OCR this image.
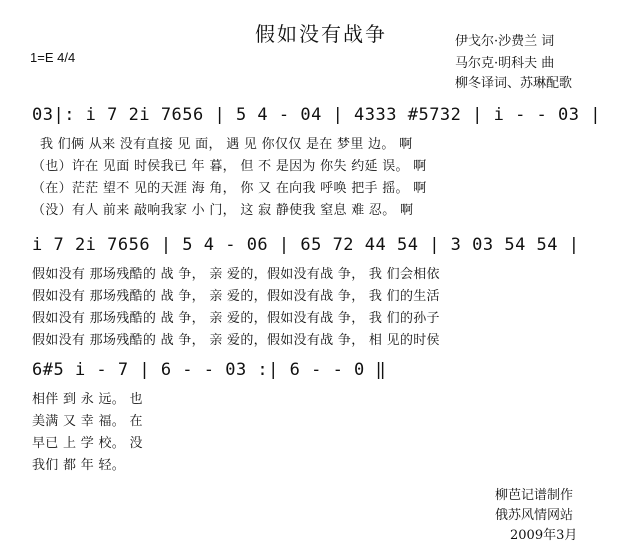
假如没有战争
1=E 4/4
伊戈尔·沙费兰 词
马尔克·明科夫 曲
柳冬译词、苏琳配歌
03|: i 7 2i 7656 | 5 4 - 04 | 4333 #5732 | i - - 03 |
我 们俩 从来 没有直接 见 面， 遇 见 你仅仅 是在 梦里 边。 啊
（也）许在 见面 时侯我已 年 暮， 但 不 是因为 你失 约延 误。 啊
（在）茫茫 望不 见的天涯 海 角， 你 又 在向我 呼唤 把手 摇。 啊
（没）有人 前来 敲响我家 小 门， 这 寂 静使我 窒息 难 忍。 啊
i 7 2i 7656 | 5 4 - 06 | 65 72 44 54 | 3 03 54 54 |
假如没有 那场残酷的 战 争， 亲 爱的，假如没有战 争， 我 们会相依
假如没有 那场残酷的 战 争， 亲 爱的，假如没有战 争， 我 们的生活
假如没有 那场残酷的 战 争， 亲 爱的，假如没有战 争， 我 们的孙子
假如没有 那场残酷的 战 争， 亲 爱的，假如没有战 争， 相 见的时侯
6#5 i - 7 | 6 - - 03 :| 6 - - 0 ‖
相伴 到 永 远。 也
美满 又 幸 福。 在
早已 上 学 校。 没
我们 都 年 轻。
柳芭记谱制作
俄苏风情网站
2009年3月
